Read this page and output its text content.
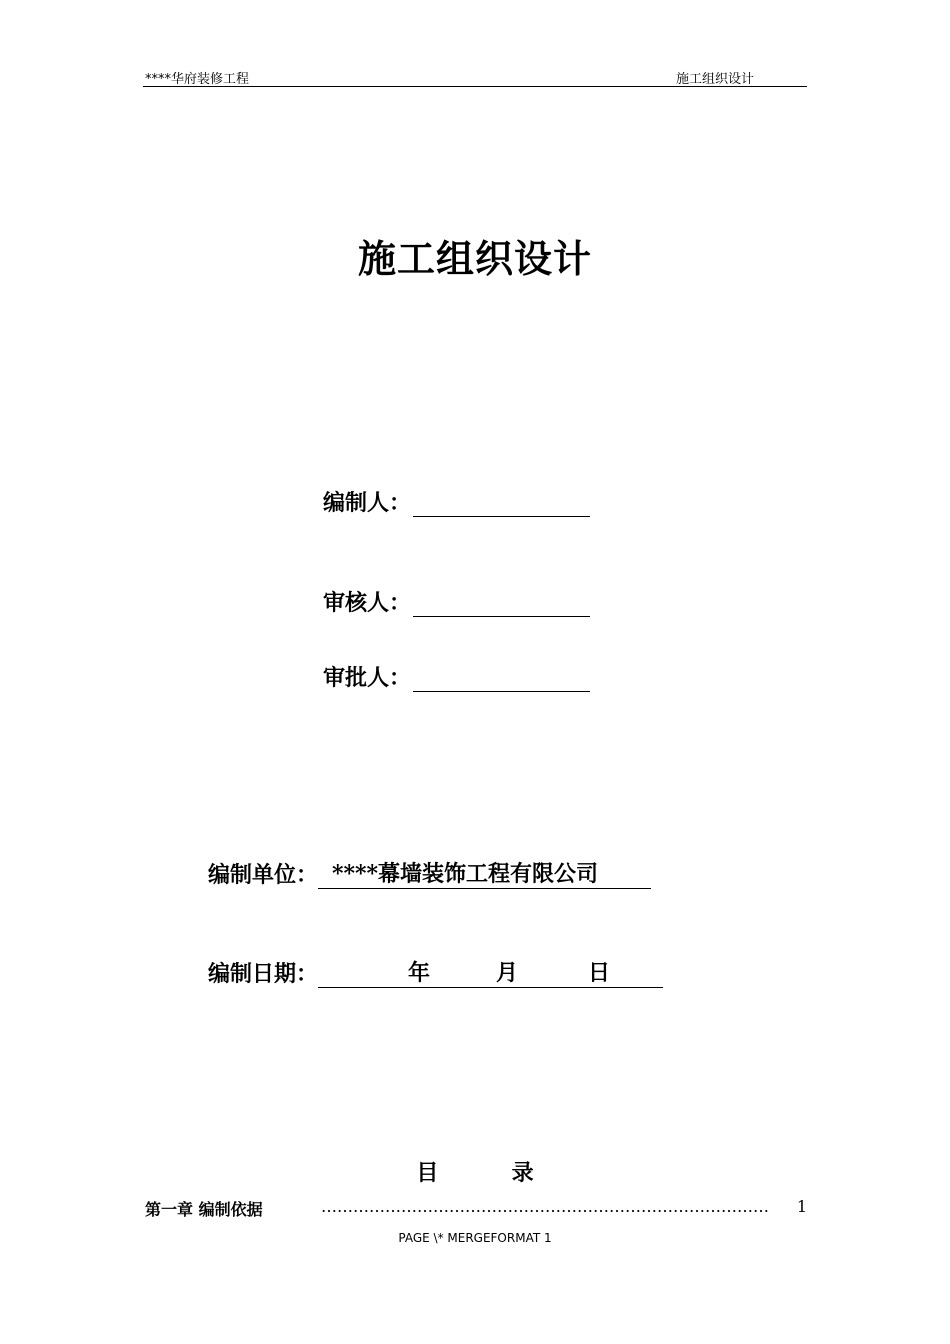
****华府装修工程	施工组织设计
施工组织设计
编制人：
审核人：
审批人：
编制单位： ****幕墙装饰工程有限公司
编制日期：	年	月	日
目	录
第一章 编制依据	…………………………………………………………………………	1
PAGE \* MERGEFORMAT 1
